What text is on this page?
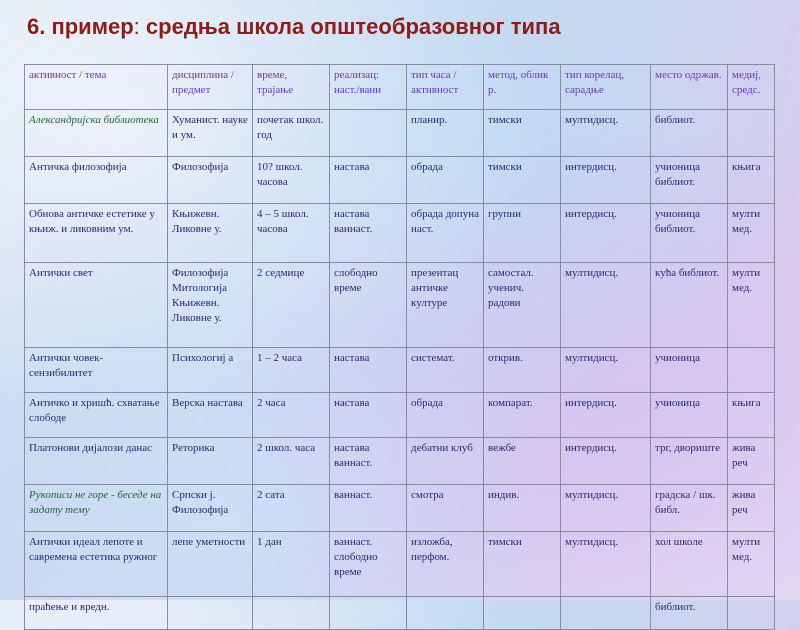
6. пример: средња школа општеобразовног типа
активност / тема	дисциплина / предмет	време, трајање	реализац: наст./вани	тип часа / активност	метод, облик р.	тип корелац, сарадње	место одржав.	медиј, средс.
Александријска библиотека	Хуманист. науке и ум.	почетак школ. год		планир.	тимски	мултидисц.	библиот.	
Античка филозофија	Филозофија	10? школ. часова	настава	обрада	тимски	интердисц.	учионица библиот.	књига
Обнова античке естетике у књиж. и ликовним ум.	Књижевн. Ликовне у.	4 – 5 школ. часова	настава ваннаст.	обрада допуна наст.	групни	интердисц.	учионица библиот.	мулти мед.
Антички свет	Филозофија Митологија Књижевн. Ликовне у.	2 седмице	слободно време	презентац античке културе	самостал. ученич. радови	мултидисц.	кућа библиот.	мулти мед.
Антички човек-сензибилитет	Психологиј а	1 – 2 часа	настава	системат.	открив.	мултидисц.	учионица	
Античко и хришћ. схватање слободе	Верска настава	2 часа	настава	обрада	компарат.	интердисц.	учионица	књига
Платонови дијалози данас	Реторика	2 школ. часа	настава ваннаст.	дебатни клуб	вежбе	интердисц.	трг, двориште	жива реч
Рукописи не горе - беседе на задату тему	Српски ј. Филозофија	2 сата	ваннаст.	смотра	индив.	мултидисц.	градска / шк. библ.	жива реч
Антички идеал лепоте и савремена естетика ружног	лепе уметности	1 дан	ваннаст. слободно време	изложба, перфом.	тимски	мултидисц.	хол школе	мулти мед.
праћење и вредн.							библиот.	
